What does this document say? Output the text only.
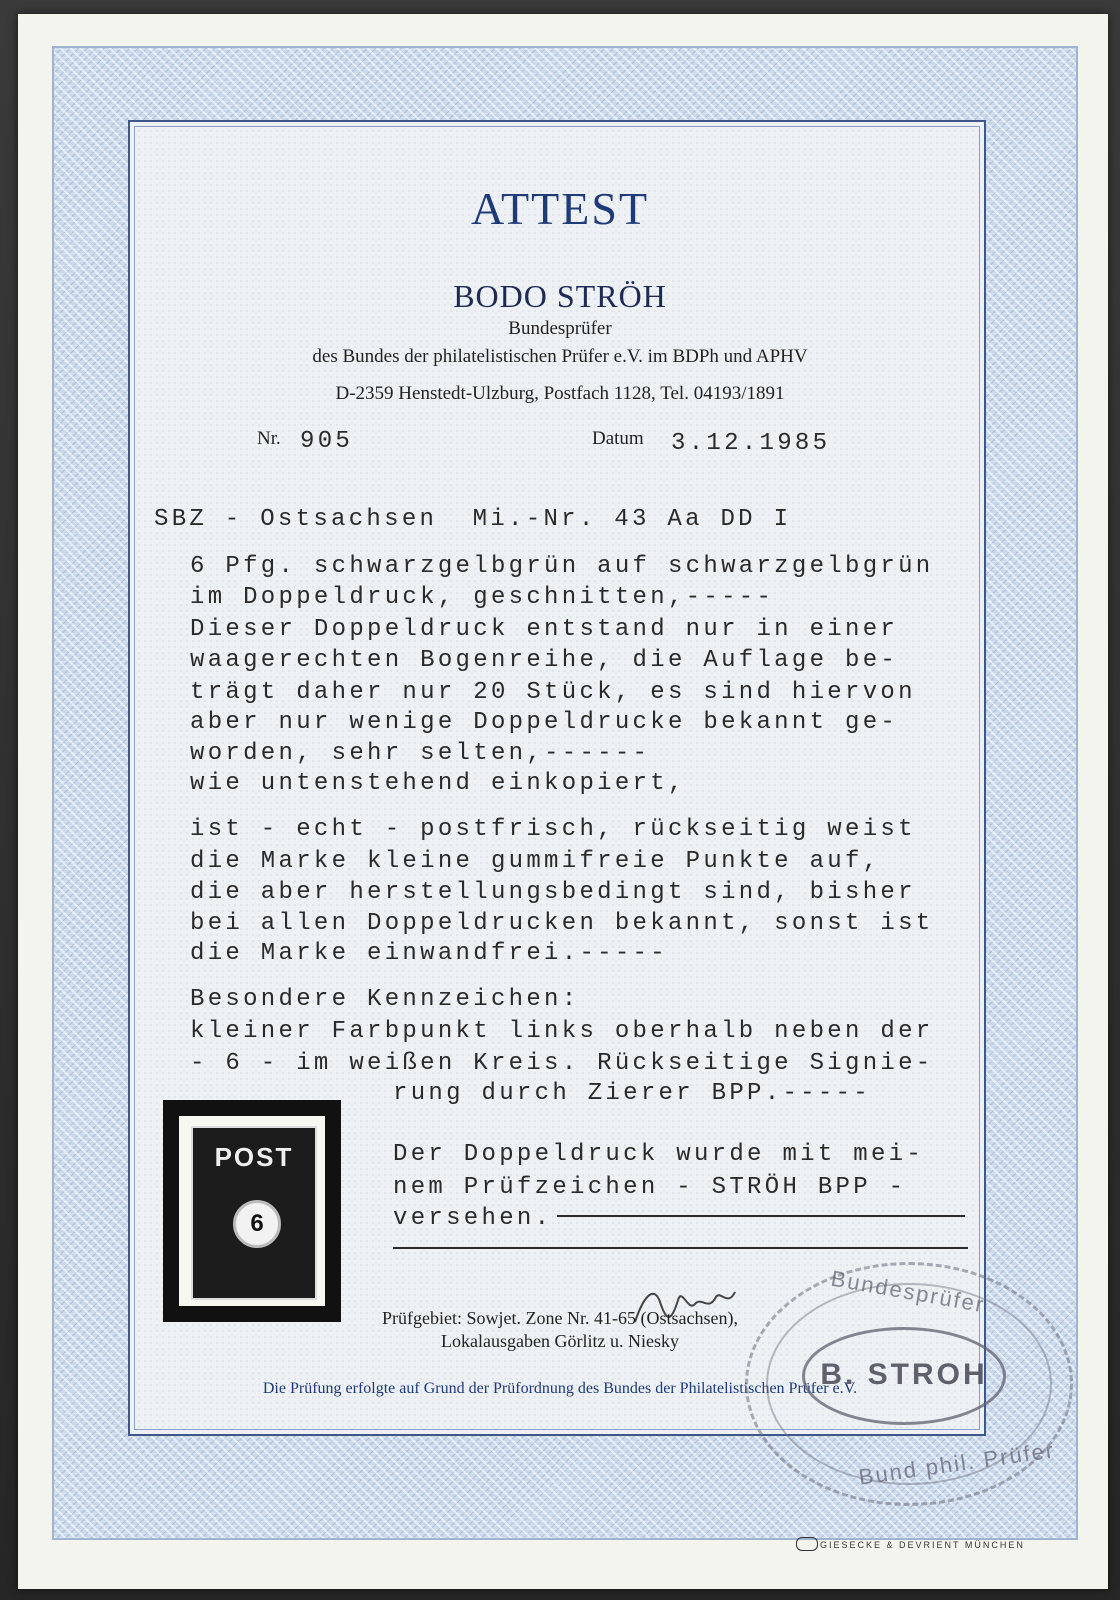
ATTEST
BODO STRÖH
Bundesprüfer
des Bundes der philatelistischen Prüfer e.V. im BDPh und APHV
D-2359 Henstedt-Ulzburg, Postfach 1128, Tel. 04193/1891
Nr. 905	Datum 3.12.1985
SBZ - Ostsachsen  Mi.-Nr. 43 Aa DD I
6 Pfg. schwarzgelbgrün auf schwarzgelbgrün
im Doppeldruck, geschnitten,-----
Dieser Doppeldruck entstand nur in einer
waagerechten Bogenreihe, die Auflage be-
trägt daher nur 20 Stück, es sind hiervon
aber nur wenige Doppeldrucke bekannt ge-
worden, sehr selten,------
wie untenstehend einkopiert,
ist - echt - postfrisch, rückseitig weist
die Marke kleine gummifreie Punkte auf,
die aber herstellungsbedingt sind, bisher
bei allen Doppeldrucken bekannt, sonst ist
die Marke einwandfrei.-----
Besondere Kennzeichen:
kleiner Farbpunkt links oberhalb neben der
- 6 - im weißen Kreis. Rückseitige Signie-
rung durch Zierer BPP.-----
Der Doppeldruck wurde mit mei-
nem Prüfzeichen - STRÖH BPP -
versehen.
POST
6
Prüfgebiet: Sowjet. Zone Nr. 41-65 (Ostsachsen),
Lokalausgaben Görlitz u. Niesky
Die Prüfung erfolgte auf Grund der Prüfordnung des Bundes der Philatelistischen Prüfer e.V.
Bundesprüfer
Bund phil. Prüfer
B. STROH
GIESECKE & DEVRIENT MÜNCHEN
